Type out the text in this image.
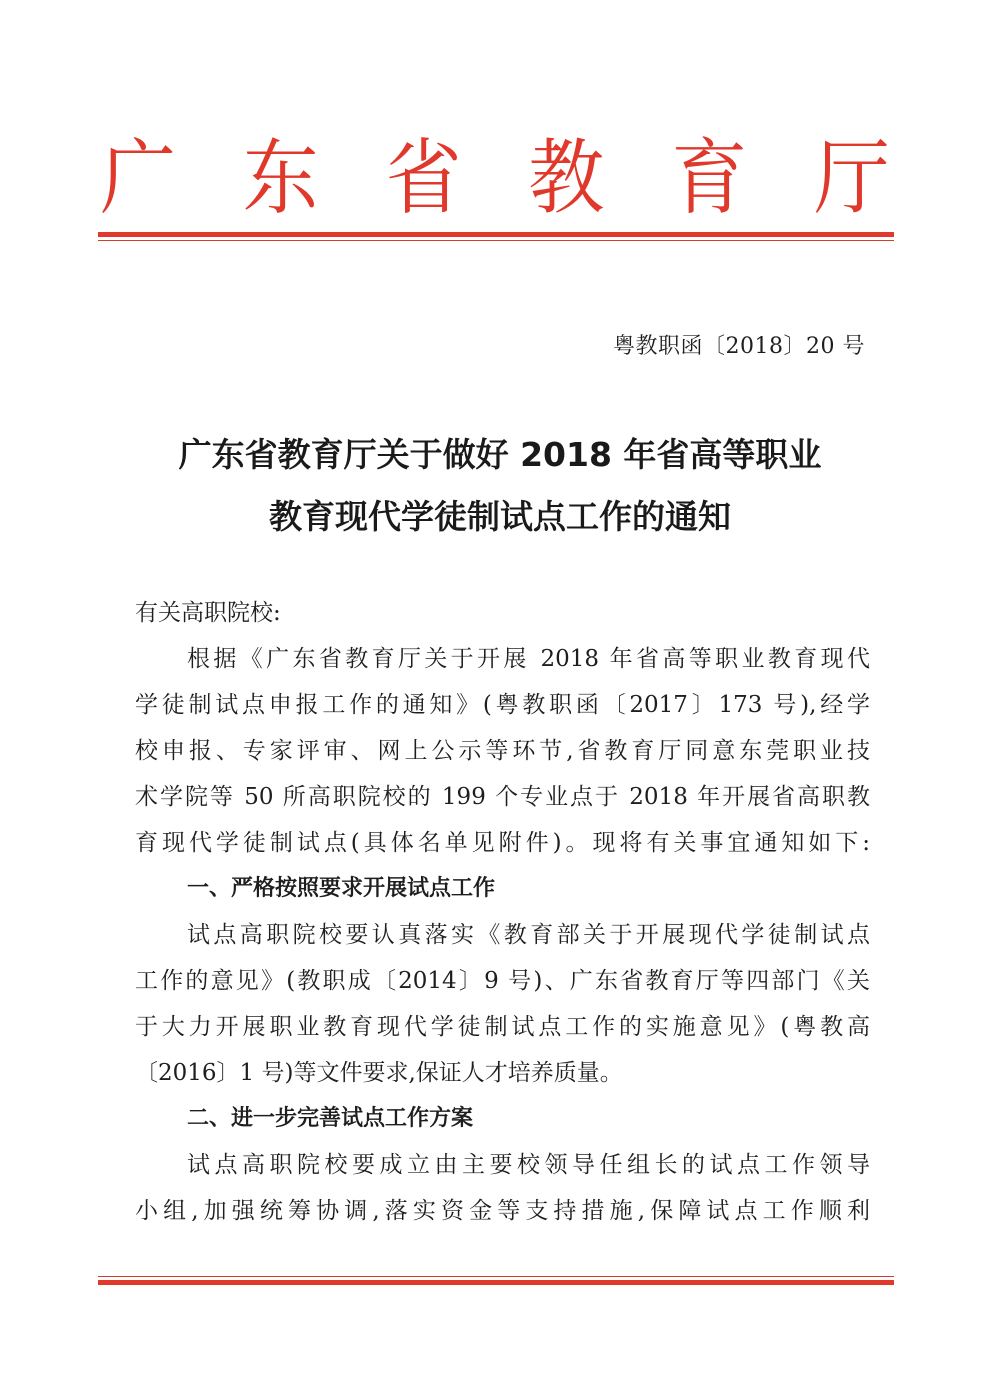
广 东 省 教 育 厅
粤教职函〔2018〕20 号
广东省教育厅关于做好 2018 年省高等职业
教育现代学徒制试点工作的通知
有关高职院校:
根据《广东省教育厅关于开展 2018 年省高等职业教育现代
学徒制试点申报工作的通知》(粤教职函〔2017〕173 号),经学
校申报、专家评审、网上公示等环节,省教育厅同意东莞职业技
术学院等 50 所高职院校的 199 个专业点于 2018 年开展省高职教
育现代学徒制试点(具体名单见附件)。现将有关事宜通知如下:
一、严格按照要求开展试点工作
试点高职院校要认真落实《教育部关于开展现代学徒制试点
工作的意见》(教职成〔2014〕9 号)、广东省教育厅等四部门《关
于大力开展职业教育现代学徒制试点工作的实施意见》(粤教高
〔2016〕1 号)等文件要求,保证人才培养质量。
二、进一步完善试点工作方案
试点高职院校要成立由主要校领导任组长的试点工作领导
小组,加强统筹协调,落实资金等支持措施,保障试点工作顺利
